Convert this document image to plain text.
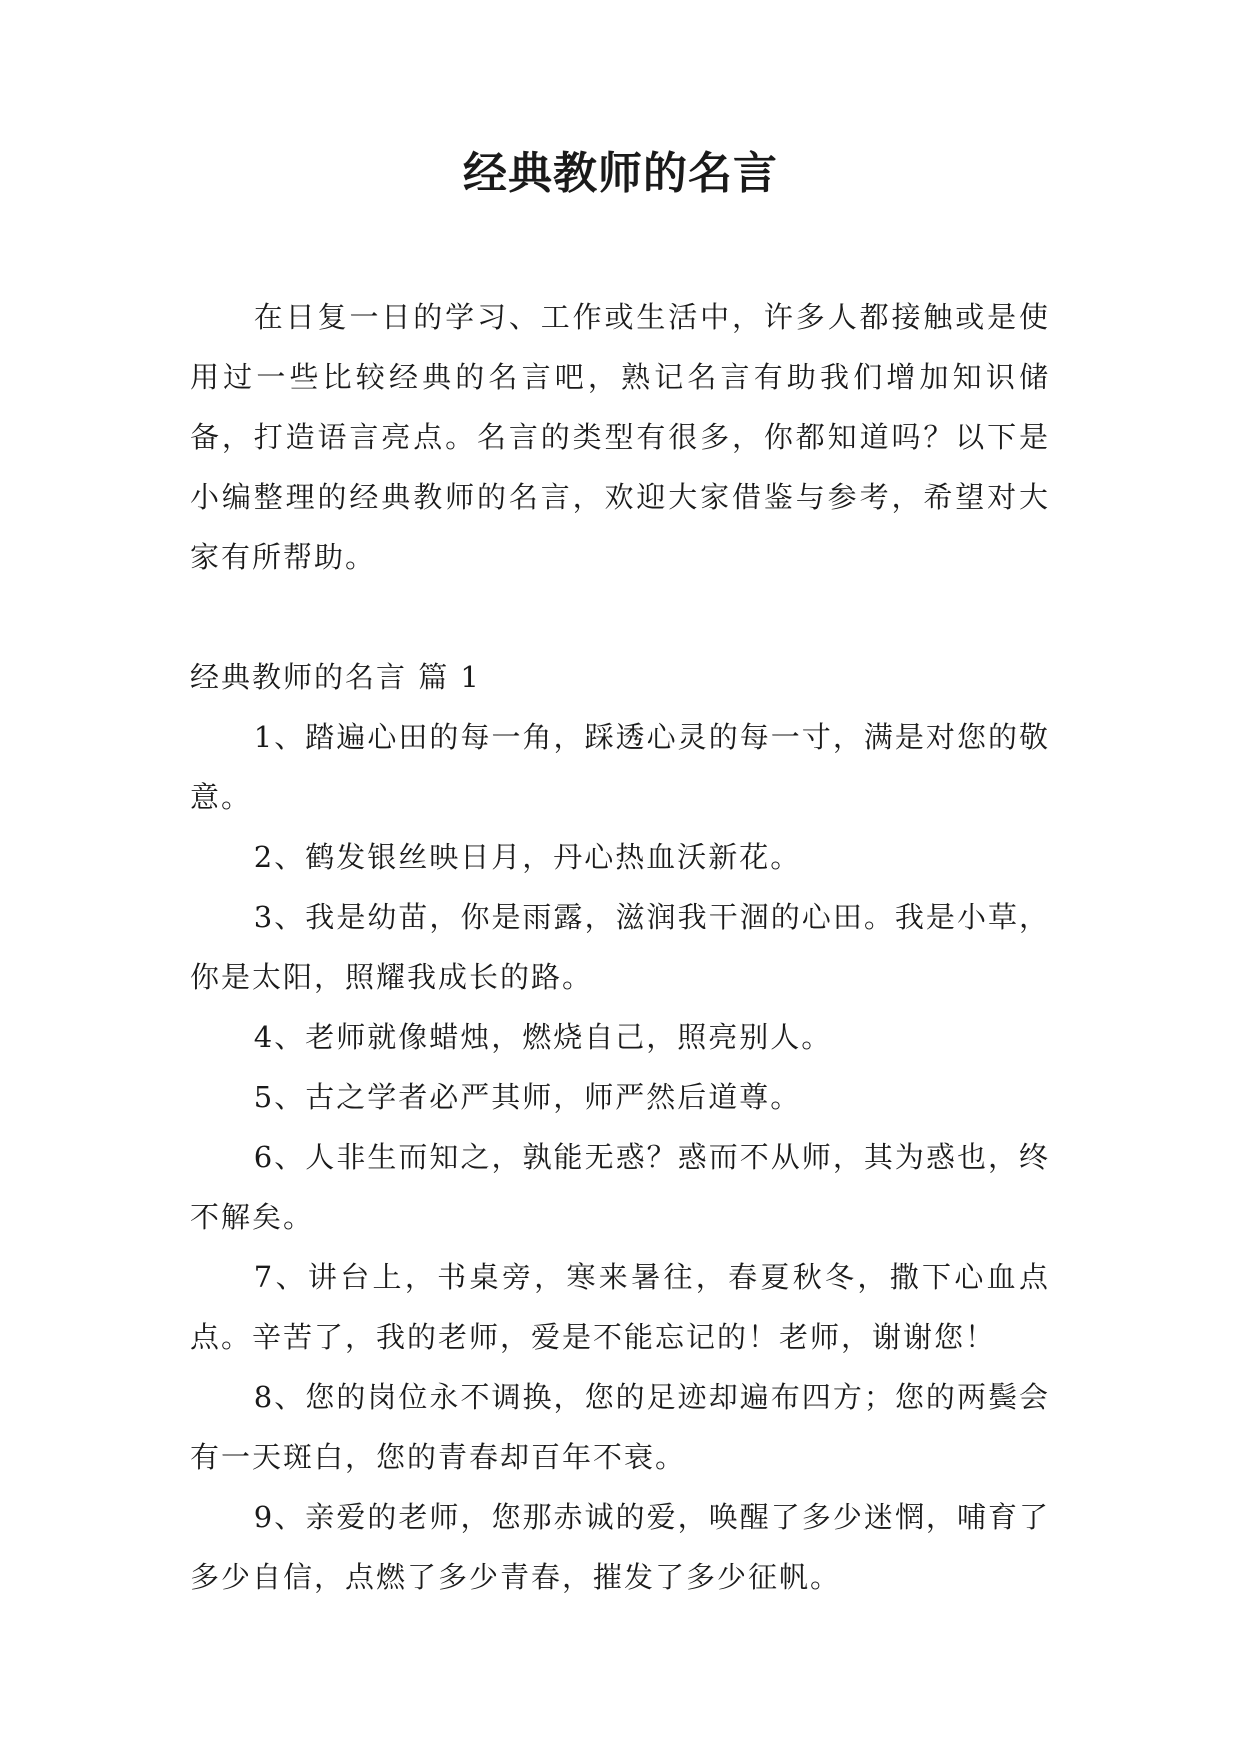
经典教师的名言

在日复一日的学习、工作或生活中，许多人都接触或是使用过一些比较经典的名言吧，熟记名言有助我们增加知识储备，打造语言亮点。名言的类型有很多，你都知道吗？以下是小编整理的经典教师的名言，欢迎大家借鉴与参考，希望对大家有所帮助。

经典教师的名言 篇 1

1、踏遍心田的每一角，踩透心灵的每一寸，满是对您的敬意。

2、鹤发银丝映日月，丹心热血沃新花。

3、我是幼苗，你是雨露，滋润我干涸的心田。我是小草，你是太阳，照耀我成长的路。

4、老师就像蜡烛，燃烧自己，照亮别人。

5、古之学者必严其师，师严然后道尊。

6、人非生而知之，孰能无惑？惑而不从师，其为惑也，终不解矣。

7、讲台上，书桌旁，寒来暑往，春夏秋冬，撒下心血点点。辛苦了，我的老师，爱是不能忘记的！老师，谢谢您！

8、您的岗位永不调换，您的足迹却遍布四方；您的两鬓会有一天斑白，您的青春却百年不衰。

9、亲爱的老师，您那赤诚的爱，唤醒了多少迷惘，哺育了多少自信，点燃了多少青春，摧发了多少征帆。
